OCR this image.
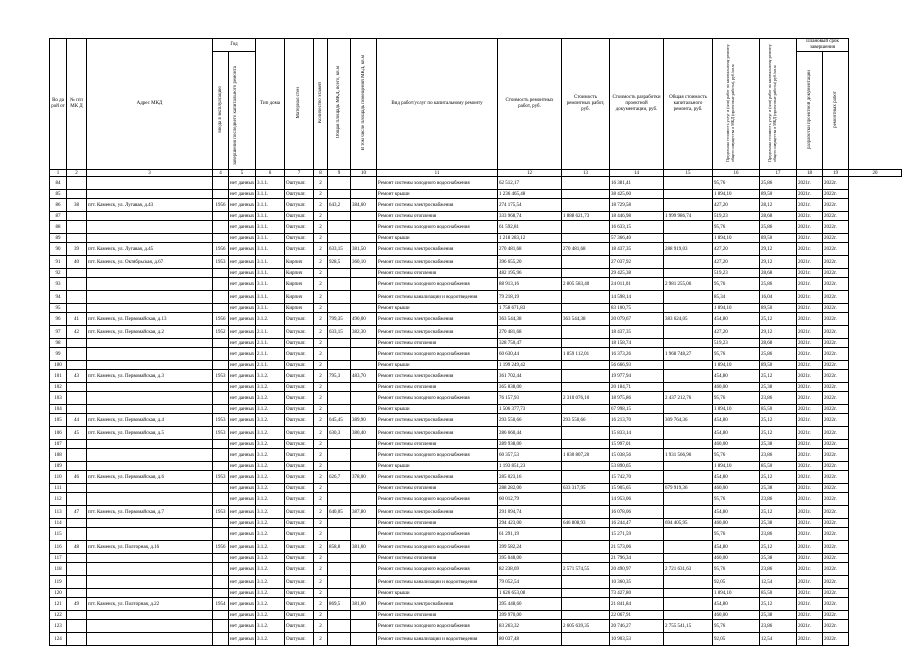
Во да рой от	№ п/п МК Д	Адрес МКД	Год		Тип дома	Материал стен	Количество этажей	Общая площадь МКД, всего, кв.м	В том числе площадь помещений МКД, кв.м	Вид работ/услуг по капитальному ремонту	Стоимость ремонтных работ, руб.	Стоимость ремонтных работ, руб.	Стоимость разработки проектной документации, руб.	Общая стоимость капитального ремонта, руб.	Предельная стоимость услуг и (или) работ по капитальному ремонту общего имущества в МКД (проектные работы), руб./кв.м	Предельная стоимость услуг и (или) работ по капитальному ремонту общего имущества в МКД (проектные работы) руб./кв.м	Плановый срок завершения		
			ввода в эксплуатацию	завершения последнего капитального ремонта													разработки проектной документации	ремонтных работ	
1	2	3	4	5	6	7	8	9	10	11	12	13	14	15	16	17	18	19	20
84				нет данных	3.1.1.	Оштукат.	2			Ремонт системы холодного водоснабжения	62 512,17		16 381,41		95,76	25,86	2021г.	2022г.	
85				нет данных	3.1.1.	Оштукат.	2			Ремонт крыши	1 236 465,48		38 425,60		1 894,10	89,50	2021г.	2022г.	
86	38	пгт. Каменск, ул. Лугавая, д.43	1956	нет данных	3.1.1.	Оштукат.	2	643,2	384,60	Ремонт системы электроснабжения	274 175,54		18 729,58		427,20	28,12	2021г.	2022г.	
87				нет данных	3.1.1.	Оштукат.	2			Ремонт системы отопления	333 968,74	1 888 621,73	18 446,98	1 999 986,74	519,23	28,68	2021г.	2022г.	
88				нет данных	3.1.1.	Оштукат.	2			Ремонт системы холодного водоснабжения	61 592,81		16 633,15		95,76	25,86	2021г.	2022г.	
89				нет данных	3.1.1.	Оштукат.	2			Ремонт крыши	1 218 283,12		57 366,40		1 894,10	89,50	2021г.	2022г.	
90	39	пгт. Каменск, ул. Лугавая, д.45	1956	нет данных	3.1.1.	Оштукат.	2	633,15	381,50	Ремонт системы электроснабжения	270 481,68	270 481,68	18 437,35	288 919,03	427,20	29,12	2021г.	2022г.	
91	40	пгт. Каменск, ул. Октябрьская, д.67	1953	нет данных	3.1.1.	Кирпич	2	928,5	360,10	Ремонт системы электроснабжения	396 655,20		27 037,92		427,20	29,12	2021г.	2022г.	
92				нет данных	3.1.1.	Кирпич	2			Ремонт системы отопления	482 195,96		29 425,38		519,23	28,68	2021г.	2022г.	
93				нет данных	3.1.1.	Кирпич	2			Ремонт системы холодного водоснабжения	88 913,16	2 805 583,40	24 011,01	2 981 255,06	95,76	25,86	2021г.	2022г.	
94				нет данных	3.1.1.	Кирпич	2			Ремонт системы канализации и водоотведения	79 218,19		14 598,14		85,34	16,04	2021г.	2022г.	
95				нет данных	3.1.1.	Кирпич	2			Ремонт крыши	1 758 671,83		83 100,75		1 894,10	89,50	2021г.	2022г.	
96	41	пгт. Каменск, ул. Первомайская, д.13	1956	нет данных	3.1.2.	Оштукат.	2	799,35	490,00	Ремонт системы электроснабжения	363 544,38	363 544,38	20 079,67	383 624,05	454,80	25,12	2021г.	2022г.	
97	42	пгт. Каменск, ул. Первомайская, д.2	1952	нет данных	2.1.1.	Оштукат.	2	633,15	382,30	Ремонт системы электроснабжения	270 481,68		18 437,35		427,20	29,12	2021г.	2022г.	
98				нет данных	2.1.1.	Оштукат.	2			Ремонт системы отопления	328 750,47		18 158,74		519,23	28,68	2021г.	2022г.	
99				нет данных	2.1.1.	Оштукат.	2			Ремонт системы холодного водоснабжения	60 630,44	1 859 112,01	16 373,26	1 968 748,27	95,76	25,86	2021г.	2022г.	
100				нет данных	2.1.1.	Оштукат.	2			Ремонт крыши	1 199 249,42		56 666,93		1 894,10	89,50	2021г.	2022г.	
101	43	пгт. Каменск, ул. Первомайская, д.3	1953	нет данных	3.1.2.	Оштукат.	2	795,3	483,70	Ремонт системы электроснабжения	361 702,44		19 977,94		454,80	25,12	2021г.	2022г.	
102				нет данных	3.1.2.	Оштукат.	2			Ремонт системы отопления	365 838,00		20 184,71		460,00	25,38	2021г.	2022г.	
103				нет данных	3.1.2.	Оштукат.	2			Ремонт системы холодного водоснабжения	76 157,93	2 310 076,10	18 975,86	2 437 212,76	95,76	23,86	2021г.	2022г.	
104				нет данных	3.1.2.	Оштукат.	2			Ремонт крыши	1 506 377,73		67 998,15		1 894,10	85,50	2021г.	2022г.	
105	44	пгт. Каменск, ул. Первомайская, д.4	1953	нет данных	3.1.2.	Оштукат.	2	645,45	389,90	Ремонт системы электроснабжения	293 550,66	293 550,66	16 213,70	309 764,36	454,80	25,12	2021г.	2022г.	
106	45	пгт. Каменск, ул. Первомайская, д.5	1953	нет данных	3.1.2.	Оштукат.	2	630,3	380,40	Ремонт системы электроснабжения	286 660,44		15 833,14		454,80	25,12	2021г.	2022г.	
107				нет данных	3.1.2.	Оштукат.	2			Ремонт системы отопления	289 938,00		15 997,01		460,00	25,38	2021г.	2022г.	
108				нет данных	3.1.2.	Оштукат.	2			Ремонт системы холодного водоснабжения	60 357,53	1 830 807,20	15 038,56	1 931 566,96	95,76	23,86	2021г.	2022г.	
109				нет данных	3.1.2.	Оштукат.	2			Ремонт крыши	1 193 851,23		53 890,65		1 894,10	85,50	2021г.	2022г.	
110	46	пгт. Каменск, ул. Первомайская, д.6	1953	нет данных	3.1.2.	Оштукат.	2	626,7	378,00	Ремонт системы электроснабжения	285 023,16		15 742,70		454,80	25,12	2021г.	2022г.	
111				нет данных	3.1.2.	Оштукат.	2			Ремонт системы отопления	288 282,00	633 317,95	15 905,65	679 919,36	460,00	25,38	2021г.	2022г.	
112				нет данных	3.1.2.	Оштукат.	2			Ремонт системы холодного водоснабжения	60 012,79		14 953,06		95,76	23,86	2021г.	2022г.	
113	47	пгт. Каменск, ул. Первомайская, д.7	1953	нет данных	3.1.2.	Оштукат.	2	640,05	387,80	Ремонт системы электроснабжения	291 094,74		16 078,06		454,80	25,12	2021г.	2022г.	
114				нет данных	3.1.2.	Оштукат.	2			Ремонт системы отопления	294 423,00	646 808,93	16 244,47	694 405,95	460,00	25,38	2021г.	2022г.	
115				нет данных	3.1.2.	Оштукат.	2			Ремонт системы холодного водоснабжения	61 291,19		15 271,59		95,76	23,86	2021г.	2022г.	
116	48	пгт. Каменск, ул. Полторная, д.16	1956	нет данных	3.1.2.	Оштукат.	2	858,8	381,60	Ремонт системы холодного водоснабжения	399 582,24		21 573,06		454,80	25,12	2021г.	2022г.	
117				нет данных	3.1.2.	Оштукат.	2			Ремонт системы отопления	395 048,00		21 796,34		460,00	25,38	2021г.	2022г.	
118				нет данных	3.1.2.	Оштукат.	2			Ремонт системы холодного водоснабжения	82 238,69	2 571 574,55	20 490,97	2 721 631,63	95,76	23,86	2021г.	2022г.	
119				нет данных	3.1.2.	Оштукат.	2			Ремонт системы канализации и водоотведения	79 052,54		10 360,35		92,05	12,54	2021г.	2022г.	
120				нет данных	3.1.2.	Оштукат.	2			Ремонт крыши	1 626 653,08		73 427,80		1 894,10	85,50	2021г.	2022г.	
121	49	пгт. Каменск, ул. Полторная, д.22	1954	нет данных	3.1.2.	Оштукат.	2	869,5	381,60	Ремонт системы электроснабжения	395 448,60		21 841,84		454,80	25,12	2021г.	2022г.	
122				нет данных	3.1.2.	Оштукат.	2			Ремонт системы отопления	399 970,00		22 067,91		460,00	25,38	2021г.	2022г.	
123				нет данных	3.1.2.	Оштукат.	2			Ремонт системы холодного водоснабжения	83 263,32	2 605 639,35	20 746,27	2 755 541,15	95,76	23,86	2021г.	2022г.	
124				нет данных	3.1.2.	Оштукат.	2			Ремонт системы канализации и водоотведения	80 037,48		10 903,53		92,05	12,54	2021г.	2022г.	
